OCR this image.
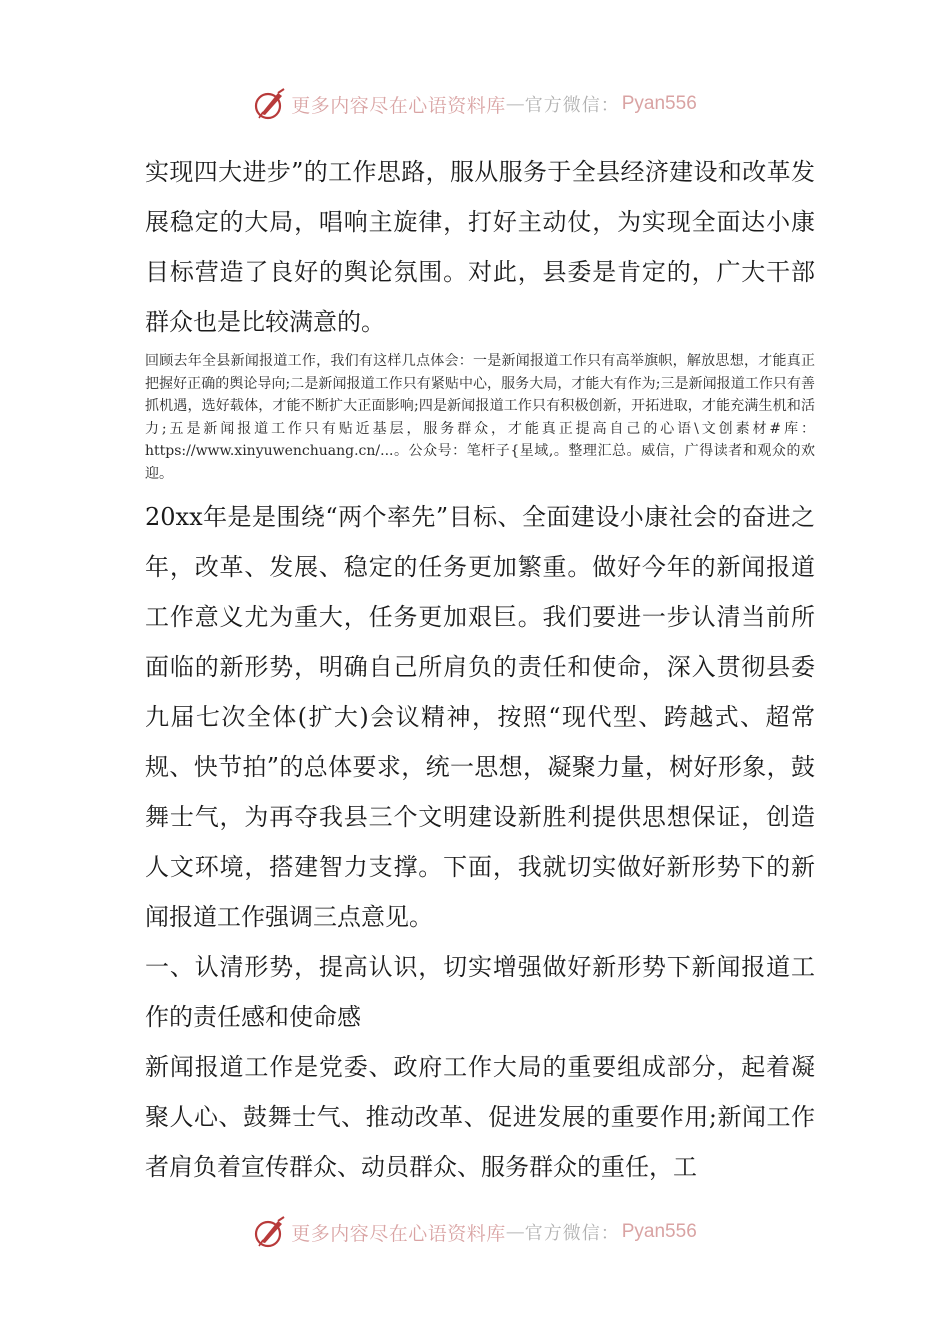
更多内容尽在心语资料库 — 官方微信： Pyan556

实现四大进步”的工作思路，服从服务于全县经济建设和改革发展稳定的大局，唱响主旋律，打好主动仗，为实现全面达小康目标营造了良好的舆论氛围。对此，县委是肯定的，广大干部群众也是比较满意的。

回顾去年全县新闻报道工作，我们有这样几点体会：一是新闻报道工作只有高举旗帜，解放思想，才能真正把握好正确的舆论导向;二是新闻报道工作只有紧贴中心，服务大局，才能大有作为;三是新闻报道工作只有善抓机遇，选好载体，才能不断扩大正面影响;四是新闻报道工作只有积极创新，开拓进取，才能充满生机和活力;五是新闻报道工作只有贴近基层，服务群众，才能真正提高自己的心语\文创素材#库：https://www.xinyuwenchuang.cn/...。公众号：笔杆子{星域,。整理汇总。威信，广得读者和观众的欢迎。

20xx年是是围绕“两个率先”目标、全面建设小康社会的奋进之年，改革、发展、稳定的任务更加繁重。做好今年的新闻报道工作意义尤为重大，任务更加艰巨。我们要进一步认清当前所面临的新形势，明确自己所肩负的责任和使命，深入贯彻县委九届七次全体(扩大)会议精神，按照“现代型、跨越式、超常规、快节拍”的总体要求，统一思想，凝聚力量，树好形象，鼓舞士气，为再夺我县三个文明建设新胜利提供思想保证，创造人文环境，搭建智力支撑。下面，我就切实做好新形势下的新闻报道工作强调三点意见。

一、认清形势，提高认识，切实增强做好新形势下新闻报道工作的责任感和使命感

新闻报道工作是党委、政府工作大局的重要组成部分，起着凝聚人心、鼓舞士气、推动改革、促进发展的重要作用;新闻工作者肩负着宣传群众、动员群众、服务群众的重任，工

更多内容尽在心语资料库 — 官方微信： Pyan556
